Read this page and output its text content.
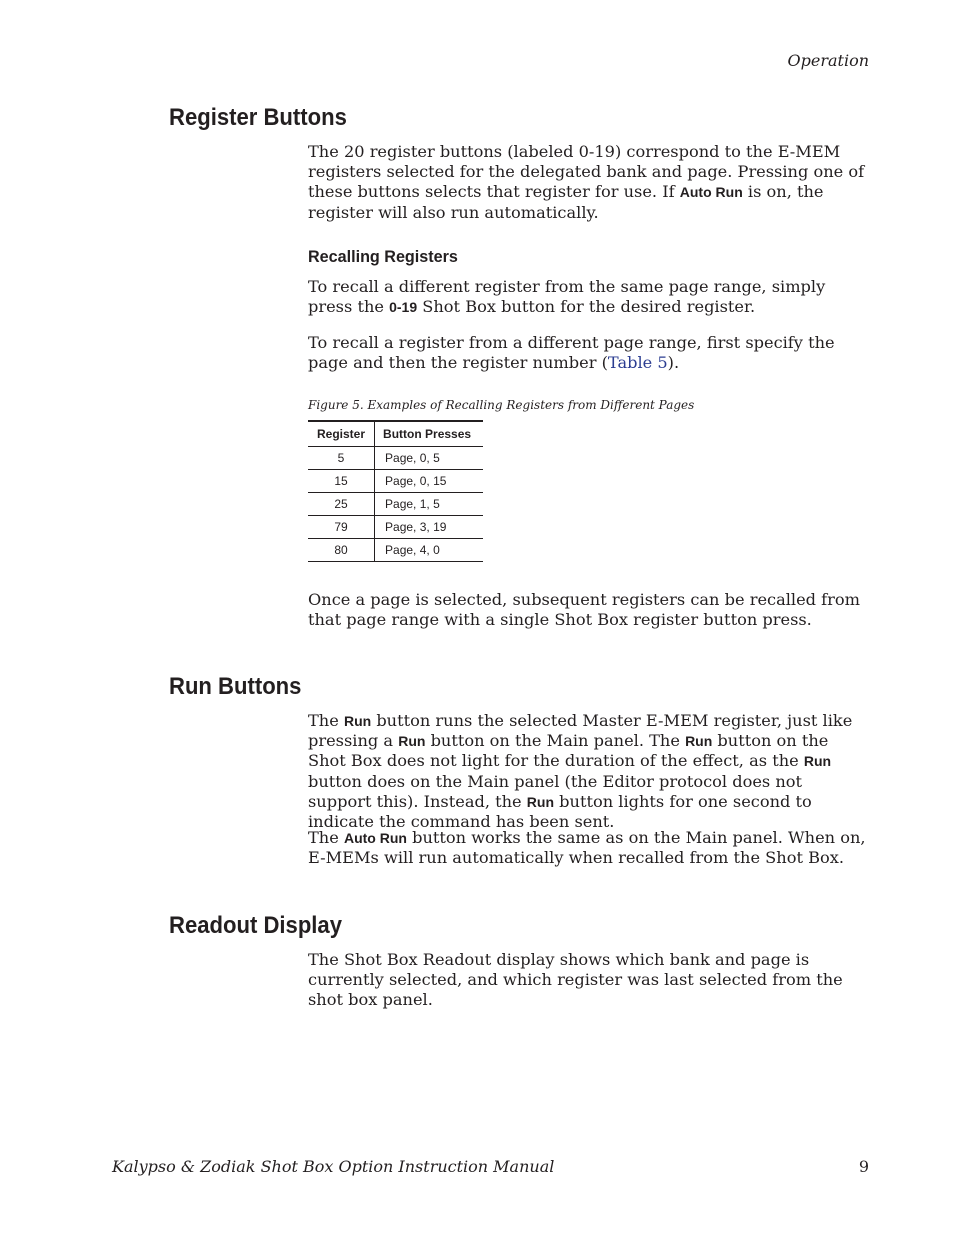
Operation
Register Buttons

The 20 register buttons (labeled 0-19) correspond to the E-MEM registers selected for the delegated bank and page. Pressing one of these buttons selects that register for use. If Auto Run is on, the register will also run automatically.

Recalling Registers

To recall a different register from the same page range, simply press the 0-19 Shot Box button for the desired register.

To recall a register from a different page range, first specify the page and then the register number (Table 5).

Figure 5. Examples of Recalling Registers from Different Pages
Register	Button Presses
5	Page, 0, 5
15	Page, 0, 15
25	Page, 1, 5
79	Page, 3, 19
80	Page, 4, 0

Once a page is selected, subsequent registers can be recalled from that page range with a single Shot Box register button press.

Run Buttons

The Run button runs the selected Master E-MEM register, just like pressing a Run button on the Main panel. The Run button on the Shot Box does not light for the duration of the effect, as the Run button does on the Main panel (the Editor protocol does not support this). Instead, the Run button lights for one second to indicate the command has been sent.

The Auto Run button works the same as on the Main panel. When on, E-MEMs will run automatically when recalled from the Shot Box.

Readout Display

The Shot Box Readout display shows which bank and page is currently selected, and which register was last selected from the shot box panel.

Kalypso & Zodiak Shot Box Option Instruction Manual	9
